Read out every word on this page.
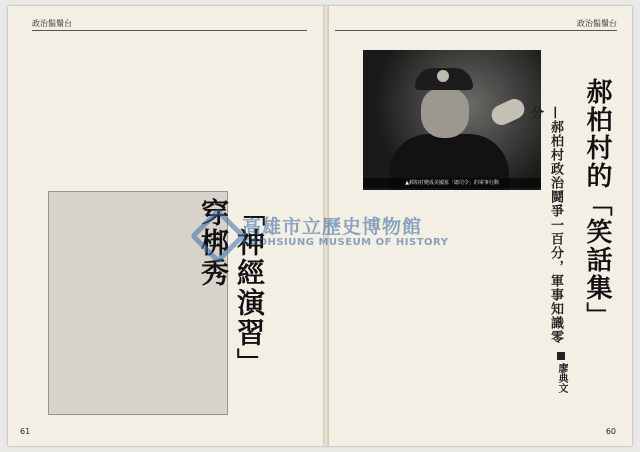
政治鬍鬚台
「神經演習」穿梆秀
61
政治鬍鬚台
▲郝柏村變成美國罵「總司令」的軍事行動	—郝柏村政治鬪爭一百分，軍事知識零分	郝柏村的「笑話集」
廖典文
60
高雄市立歷史博物館
KAOHSIUNG MUSEUM OF HISTORY
